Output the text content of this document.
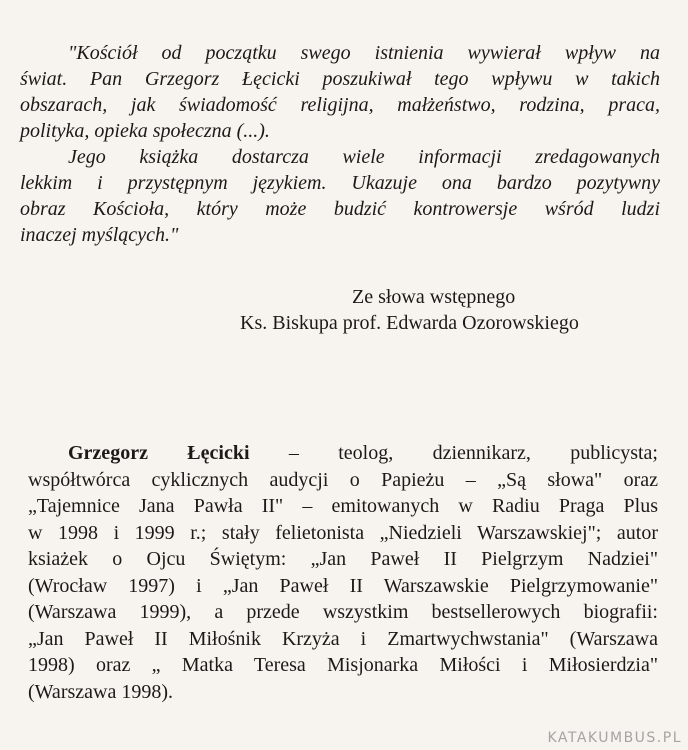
"Kościół od początku swego istnienia wywierał wpływ na
świat. Pan Grzegorz Łęcicki poszukiwał tego wpływu w takich
obszarach, jak świadomość religijna, małżeństwo, rodzina, praca,
polityka, opieka społeczna (...).
Jego książka dostarcza wiele informacji zredagowanych
lekkim i przystępnym językiem. Ukazuje ona bardzo pozytywny
obraz Kościoła, który może budzić kontrowersje wśród ludzi
inaczej myślących."
Ze słowa wstępnego
Ks. Biskupa prof. Edwarda Ozorowskiego
Grzegorz Łęcicki – teolog, dziennikarz, publicysta;
współtwórca cyklicznych audycji o Papieżu – „Są słowa" oraz
„Tajemnice Jana Pawła II" – emitowanych w Radiu Praga Plus
w 1998 i 1999 r.; stały felietonista „Niedzieli Warszawskiej"; autor
ksiażek o Ojcu Świętym: „Jan Paweł II Pielgrzym Nadziei"
(Wrocław 1997) i „Jan Paweł II Warszawskie Pielgrzymowanie"
(Warszawa 1999), a przede wszystkim bestsellerowych biografii:
„Jan Paweł II Miłośnik Krzyża i Zmartwychwstania" (Warszawa
1998) oraz „ Matka Teresa Misjonarka Miłości i Miłosierdzia"
(Warszawa 1998).
KATAKUMBUS.PL
